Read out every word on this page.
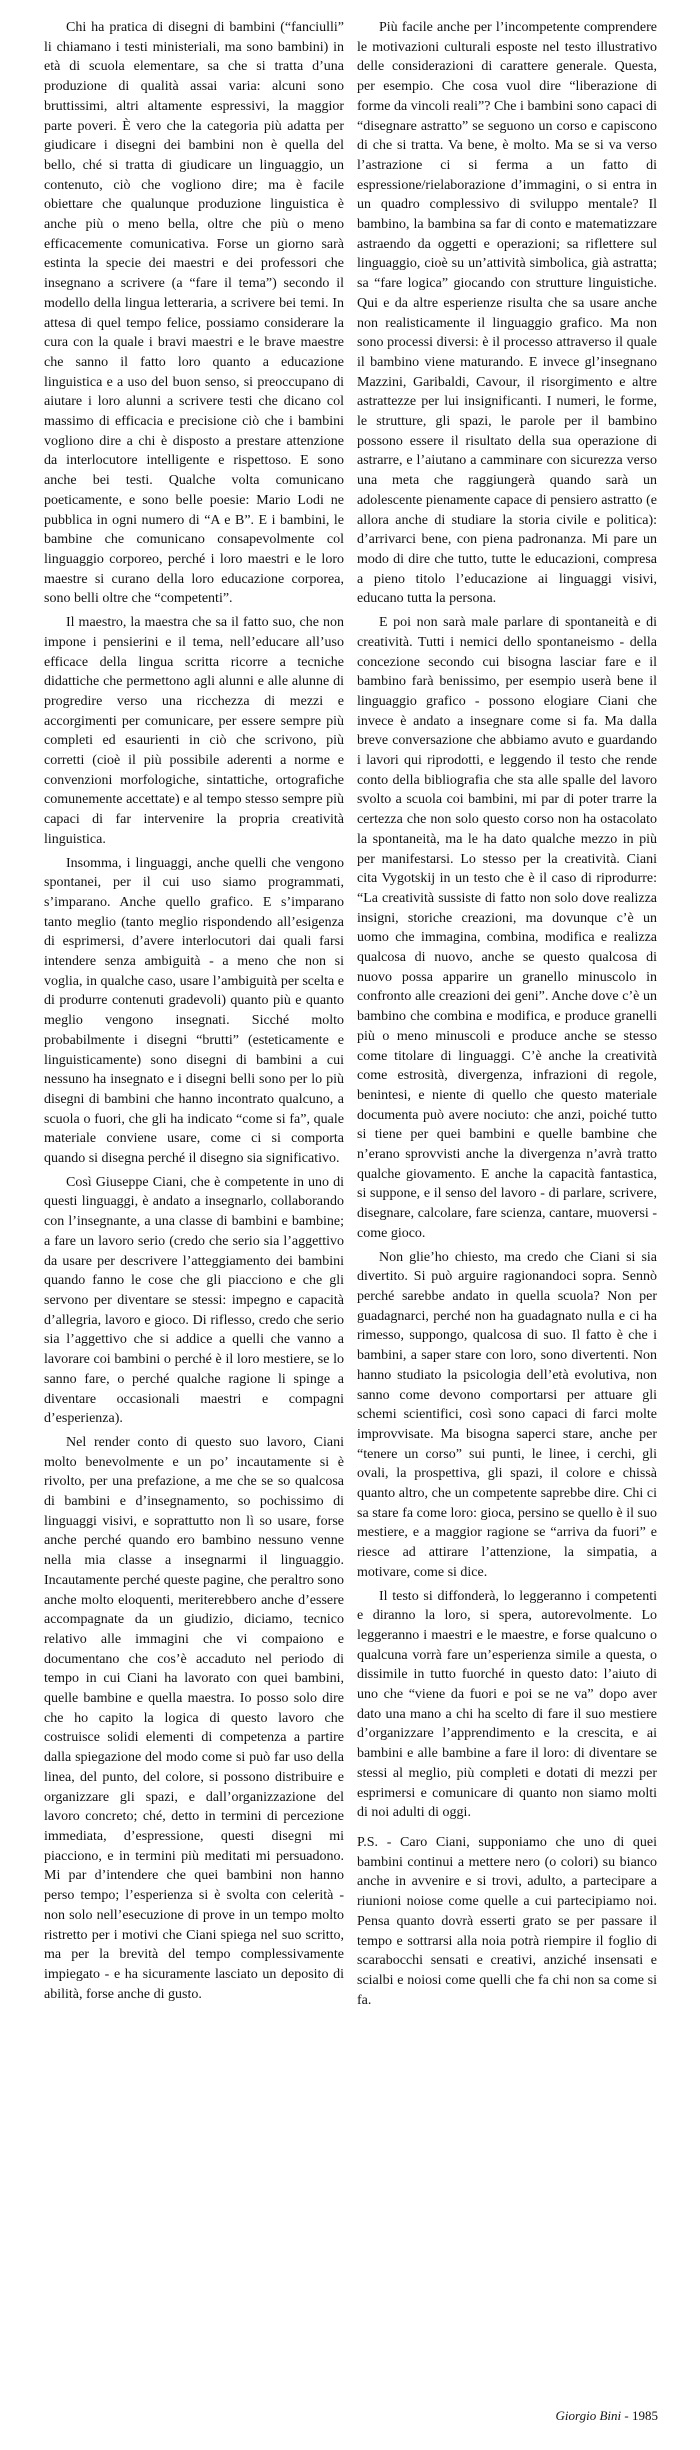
Chi ha pratica di disegni di bambini (“fanciulli” li chiamano i testi ministeriali, ma sono bambini) in età di scuola elementare, sa che si tratta d’una produzione di qualità assai varia: alcuni sono bruttissimi, altri altamente espressivi, la maggior parte poveri. È vero che la categoria più adatta per giudicare i disegni dei bambini non è quella del bello, ché si tratta di giudicare un linguaggio, un contenuto, ciò che vogliono dire; ma è facile obiettare che qualunque produzione linguistica è anche più o meno bella, oltre che più o meno efficacemente comunicativa. Forse un giorno sarà estinta la specie dei maestri e dei professori che insegnano a scrivere (a “fare il tema”) secondo il modello della lingua letteraria, a scrivere bei temi. In attesa di quel tempo felice, possiamo considerare la cura con la quale i bravi maestri e le brave maestre che sanno il fatto loro quanto a educazione linguistica e a uso del buon senso, si preoccupano di aiutare i loro alunni a scrivere testi che dicano col massimo di efficacia e precisione ciò che i bambini vogliono dire a chi è disposto a prestare attenzione da interlocutore intelligente e rispettoso. E sono anche bei testi. Qualche volta comunicano poeticamente, e sono belle poesie: Mario Lodi ne pubblica in ogni numero di “A e B”. E i bambini, le bambine che comunicano consapevolmente col linguaggio corporeo, perché i loro maestri e le loro maestre si curano della loro educazione corporea, sono belli oltre che “competenti”.

Il maestro, la maestra che sa il fatto suo, che non impone i pensierini e il tema, nell’educare all’uso efficace della lingua scritta ricorre a tecniche didattiche che permettono agli alunni e alle alunne di progredire verso una ricchezza di mezzi e accorgimenti per comunicare, per essere sempre più completi ed esaurienti in ciò che scrivono, più corretti (cioè il più possibile aderenti a norme e convenzioni morfologiche, sintattiche, ortografiche comunemente accettate) e al tempo stesso sempre più capaci di far intervenire la propria creatività linguistica.

Insomma, i linguaggi, anche quelli che vengono spontanei, per il cui uso siamo programmati, s’imparano. Anche quello grafico. E s’imparano tanto meglio (tanto meglio rispondendo all’esigenza di esprimersi, d’avere interlocutori dai quali farsi intendere senza ambiguità - a meno che non si voglia, in qualche caso, usare l’ambiguità per scelta e di produrre contenuti gradevoli) quanto più e quanto meglio vengono insegnati. Sicché molto probabilmente i disegni “brutti” (esteticamente e linguisticamente) sono disegni di bambini a cui nessuno ha insegnato e i disegni belli sono per lo più disegni di bambini che hanno incontrato qualcuno, a scuola o fuori, che gli ha indicato “come si fa”, quale materiale conviene usare, come ci si comporta quando si disegna perché il disegno sia significativo.

Così Giuseppe Ciani, che è competente in uno di questi linguaggi, è andato a insegnarlo, collaborando con l’insegnante, a una classe di bambini e bambine; a fare un lavoro serio (credo che serio sia l’aggettivo da usare per descrivere l’atteggiamento dei bambini quando fanno le cose che gli piacciono e che gli servono per diventare se stessi: impegno e capacità d’allegria, lavoro e gioco. Di riflesso, credo che serio sia l’aggettivo che si addice a quelli che vanno a lavorare coi bambini o perché è il loro mestiere, se lo sanno fare, o perché qualche ragione li spinge a diventare occasionali maestri e compagni d’esperienza).

Nel render conto di questo suo lavoro, Ciani molto benevolmente e un po’ incautamente si è rivolto, per una prefazione, a me che se so qualcosa di bambini e d’insegnamento, so pochissimo di linguaggi visivi, e soprattutto non lì so usare, forse anche perché quando ero bambino nessuno venne nella mia classe a insegnarmi il linguaggio. Incautamente perché queste pagine, che peraltro sono anche molto eloquenti, meriterebbero anche d’essere accompagnate da un giudizio, diciamo, tecnico relativo alle immagini che vi compaiono e documentano che cos’è accaduto nel periodo di tempo in cui Ciani ha lavorato con quei bambini, quelle bambine e quella maestra. Io posso solo dire che ho capito la logica di questo lavoro che costruisce solidi elementi di competenza a partire dalla spiegazione del modo come si può far uso della linea, del punto, del colore, si possono distribuire e organizzare gli spazi, e dall’organizzazione del lavoro concreto; ché, detto in termini di percezione immediata, d’espressione, questi disegni mi piacciono, e in termini più meditati mi persuadono. Mi par d’intendere che quei bambini non hanno perso tempo; l’esperienza si è svolta con celerità - non solo nell’esecuzione di prove in un tempo molto ristretto per i motivi che Ciani spiega nel suo scritto, ma per la brevità del tempo complessivamente impiegato - e ha sicuramente lasciato un deposito di abilità, forse anche di gusto.

Più facile anche per l’incompetente comprendere le motivazioni culturali esposte nel testo illustrativo delle considerazioni di carattere generale. Questa, per esempio. Che cosa vuol dire “liberazione di forme da vincoli reali”? Che i bambini sono capaci di “disegnare astratto” se seguono un corso e capiscono di che si tratta. Va bene, è molto. Ma se si va verso l’astrazione ci si ferma a un fatto di espressione/rielaborazione d’immagini, o si entra in un quadro complessivo di sviluppo mentale? Il bambino, la bambina sa far di conto e matematizzare astraendo da oggetti e operazioni; sa riflettere sul linguaggio, cioè su un’attività simbolica, già astratta; sa “fare logica” giocando con strutture linguistiche. Qui e da altre esperienze risulta che sa usare anche non realisticamente il linguaggio grafico. Ma non sono processi diversi: è il processo attraverso il quale il bambino viene maturando. E invece gl’insegnano Mazzini, Garibaldi, Cavour, il risorgimento e altre astrattezze per lui insignificanti. I numeri, le forme, le strutture, gli spazi, le parole per il bambino possono essere il risultato della sua operazione di astrarre, e l’aiutano a camminare con sicurezza verso una meta che raggiungerà quando sarà un adolescente pienamente capace di pensiero astratto (e allora anche di studiare la storia civile e politica): d’arrivarci bene, con piena padronanza. Mi pare un modo di dire che tutto, tutte le educazioni, compresa a pieno titolo l’educazione ai linguaggi visivi, educano tutta la persona.

E poi non sarà male parlare di spontaneità e di creatività. Tutti i nemici dello spontaneismo - della concezione secondo cui bisogna lasciar fare e il bambino farà benissimo, per esempio userà bene il linguaggio grafico - possono elogiare Ciani che invece è andato a insegnare come si fa. Ma dalla breve conversazione che abbiamo avuto e guardando i lavori qui riprodotti, e leggendo il testo che rende conto della bibliografia che sta alle spalle del lavoro svolto a scuola coi bambini, mi par di poter trarre la certezza che non solo questo corso non ha ostacolato la spontaneità, ma le ha dato qualche mezzo in più per manifestarsi. Lo stesso per la creatività. Ciani cita Vygotskij in un testo che è il caso di riprodurre: “La creatività sussiste di fatto non solo dove realizza insigni, storiche creazioni, ma dovunque c’è un uomo che immagina, combina, modifica e realizza qualcosa di nuovo, anche se questo qualcosa di nuovo possa apparire un granello minuscolo in confronto alle creazioni dei geni”. Anche dove c’è un bambino che combina e modifica, e produce granelli più o meno minuscoli e produce anche se stesso come titolare di linguaggi. C’è anche la creatività come estrosità, divergenza, infrazioni di regole, benintesi, e niente di quello che questo materiale documenta può avere nociuto: che anzi, poiché tutto si tiene per quei bambini e quelle bambine che n’erano sprovvisti anche la divergenza n’avrà tratto qualche giovamento. E anche la capacità fantastica, si suppone, e il senso del lavoro - di parlare, scrivere, disegnare, calcolare, fare scienza, cantare, muoversi - come gioco.

Non glie’ho chiesto, ma credo che Ciani si sia divertito. Si può arguire ragionandoci sopra. Sennò perché sarebbe andato in quella scuola? Non per guadagnarci, perché non ha guadagnato nulla e ci ha rimesso, suppongo, qualcosa di suo. Il fatto è che i bambini, a saper stare con loro, sono divertenti. Non hanno studiato la psicologia dell’età evolutiva, non sanno come devono comportarsi per attuare gli schemi scientifici, così sono capaci di farci molte improvvisate. Ma bisogna saperci stare, anche per “tenere un corso” sui punti, le linee, i cerchi, gli ovali, la prospettiva, gli spazi, il colore e chissà quanto altro, che un competente saprebbe dire. Chi ci sa stare fa come loro: gioca, persino se quello è il suo mestiere, e a maggior ragione se “arriva da fuori” e riesce ad attirare l’attenzione, la simpatia, a motivare, come si dice.

Il testo si diffonderà, lo leggeranno i competenti e diranno la loro, si spera, autorevolmente. Lo leggeranno i maestri e le maestre, e forse qualcuno o qualcuna vorrà fare un’esperienza simile a questa, o dissimile in tutto fuorché in questo dato: l’aiuto di uno che “viene da fuori e poi se ne va” dopo aver dato una mano a chi ha scelto di fare il suo mestiere d’organizzare l’apprendimento e la crescita, e ai bambini e alle bambine a fare il loro: di diventare se stessi al meglio, più completi e dotati di mezzi per esprimersi e comunicare di quanto non siamo molti di noi adulti di oggi.

P.S. - Caro Ciani, supponiamo che uno di quei bambini continui a mettere nero (o colori) su bianco anche in avvenire e si trovi, adulto, a partecipare a riunioni noiose come quelle a cui partecipiamo noi. Pensa quanto dovrà esserti grato se per passare il tempo e sottrarsi alla noia potrà riempire il foglio di scarabocchi sensati e creativi, anziché insensati e scialbi e noiosi come quelli che fa chi non sa come si fa.

Giorgio Bini - 1985
